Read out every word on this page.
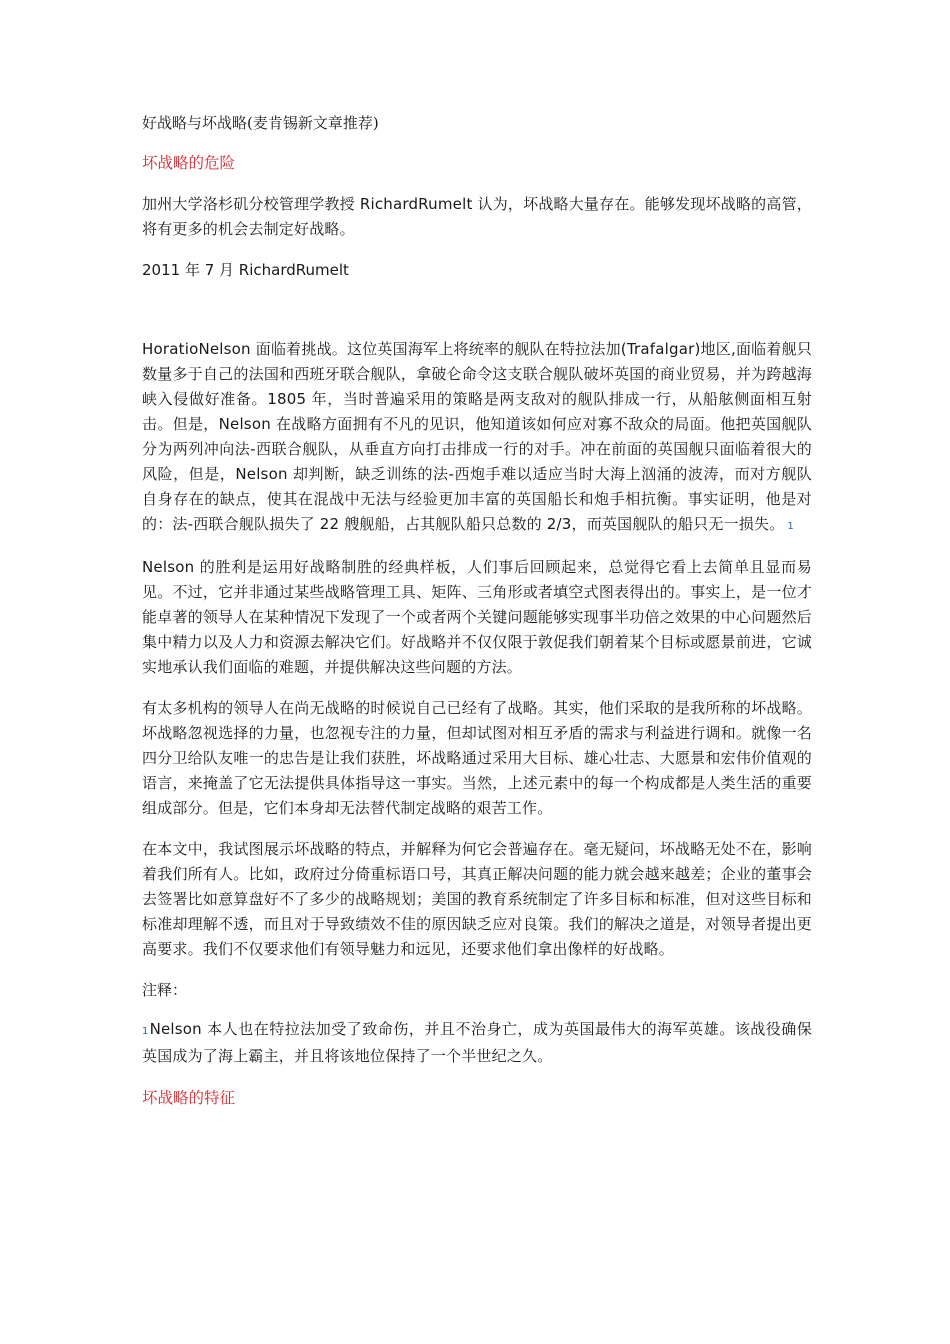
好战略与坏战略(麦肯锡新文章推荐)

坏战略的危险

加州大学洛杉矶分校管理学教授 RichardRumelt 认为，坏战略大量存在。能够发现坏战略的高管，将有更多的机会去制定好战略。

2011 年 7 月 RichardRumelt

HoratioNelson 面临着挑战。这位英国海军上将统率的舰队在特拉法加(Trafalgar)地区,面临着舰只数量多于自己的法国和西班牙联合舰队，拿破仑命令这支联合舰队破坏英国的商业贸易，并为跨越海峡入侵做好准备。1805 年，当时普遍采用的策略是两支敌对的舰队排成一行，从船舷侧面相互射击。但是，Nelson 在战略方面拥有不凡的见识，他知道该如何应对寡不敌众的局面。他把英国舰队分为两列冲向法-西联合舰队，从垂直方向打击排成一行的对手。冲在前面的英国舰只面临着很大的风险，但是，Nelson 却判断，缺乏训练的法-西炮手难以适应当时大海上汹涌的波涛，而对方舰队自身存在的缺点，使其在混战中无法与经验更加丰富的英国船长和炮手相抗衡。事实证明，他是对的：法-西联合舰队损失了 22 艘舰船，占其舰队船只总数的 2/3，而英国舰队的船只无一损失。 1

Nelson 的胜利是运用好战略制胜的经典样板，人们事后回顾起来，总觉得它看上去简单且显而易见。不过，它并非通过某些战略管理工具、矩阵、三角形或者填空式图表得出的。事实上，是一位才能卓著的领导人在某种情况下发现了一个或者两个关键问题能够实现事半功倍之效果的中心问题然后集中精力以及人力和资源去解决它们。好战略并不仅仅限于敦促我们朝着某个目标或愿景前进，它诚实地承认我们面临的难题，并提供解决这些问题的方法。

有太多机构的领导人在尚无战略的时候说自己已经有了战略。其实，他们采取的是我所称的坏战略。坏战略忽视选择的力量，也忽视专注的力量，但却试图对相互矛盾的需求与利益进行调和。就像一名四分卫给队友唯一的忠告是让我们获胜，坏战略通过采用大目标、雄心壮志、大愿景和宏伟价值观的语言，来掩盖了它无法提供具体指导这一事实。当然，上述元素中的每一个构成都是人类生活的重要组成部分。但是，它们本身却无法替代制定战略的艰苦工作。

在本文中，我试图展示坏战略的特点，并解释为何它会普遍存在。毫无疑问，坏战略无处不在，影响着我们所有人。比如，政府过分倚重标语口号，其真正解决问题的能力就会越来越差；企业的董事会去签署比如意算盘好不了多少的战略规划；美国的教育系统制定了许多目标和标准，但对这些目标和标准却理解不透，而且对于导致绩效不佳的原因缺乏应对良策。我们的解决之道是，对领导者提出更高要求。我们不仅要求他们有领导魅力和远见，还要求他们拿出像样的好战略。

注释：

1Nelson 本人也在特拉法加受了致命伤，并且不治身亡，成为英国最伟大的海军英雄。该战役确保英国成为了海上霸主，并且将该地位保持了一个半世纪之久。

坏战略的特征
